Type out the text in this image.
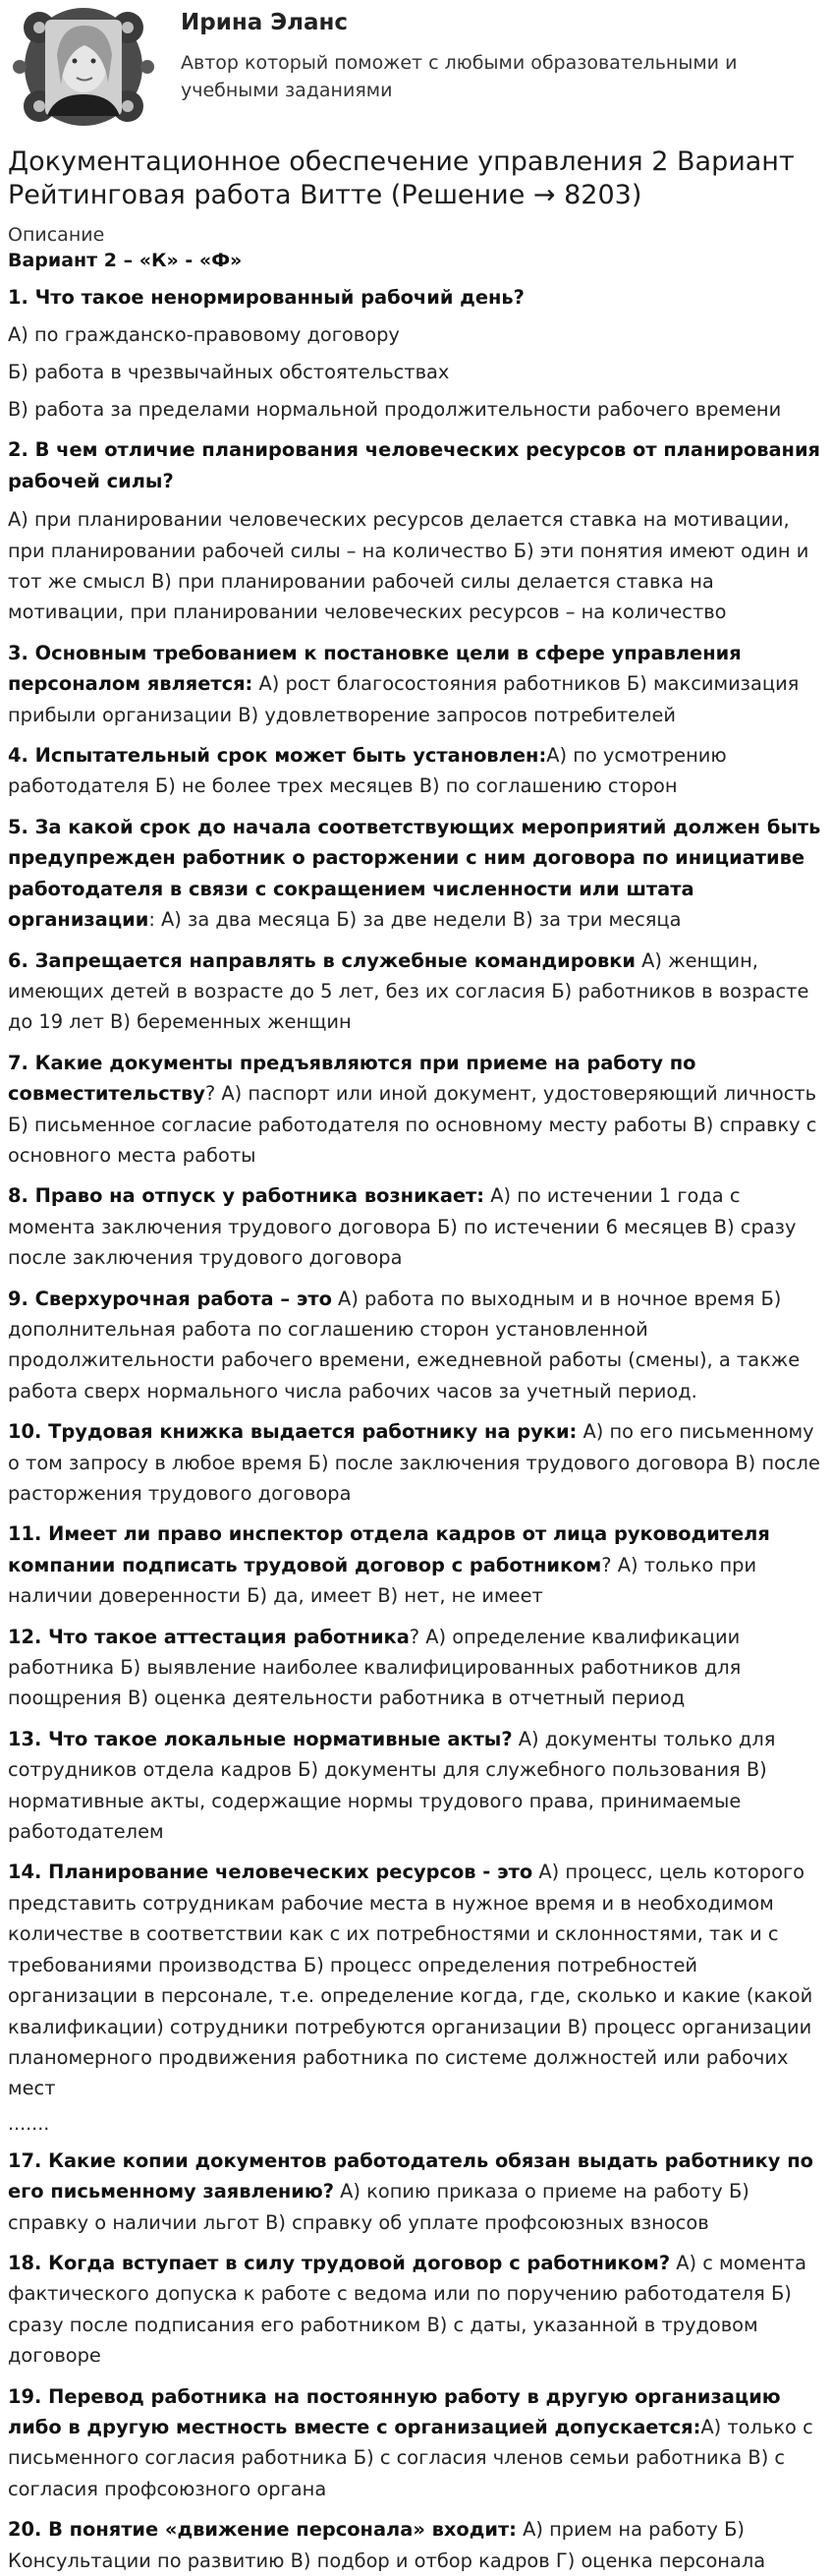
Ирина Эланс
Автор который поможет с любыми образовательными и учебными заданиями
Документационное обеспечение управления 2 Вариант Рейтинговая работа Витте (Решение → 8203)
Описание
Вариант 2 – «К» - «Ф»
1. Что такое ненормированный рабочий день?
А) по гражданско-правовому договору
Б) работа в чрезвычайных обстоятельствах
В) работа за пределами нормальной продолжительности рабочего времени
2. В чем отличие планирования человеческих ресурсов от планирования рабочей силы?
А) при планировании человеческих ресурсов делается ставка на мотивации, при планировании рабочей силы – на количество Б) эти понятия имеют один и тот же смысл В) при планировании рабочей силы делается ставка на мотивации, при планировании человеческих ресурсов – на количество
3. Основным требованием к постановке цели в сфере управления персоналом является: А) рост благосостояния работников Б) максимизация прибыли организации В) удовлетворение запросов потребителей
4. Испытательный срок может быть установлен:А) по усмотрению работодателя Б) не более трех месяцев В) по соглашению сторон
5. За какой срок до начала соответствующих мероприятий должен быть предупрежден работник о расторжении с ним договора по инициативе работодателя в связи с сокращением численности или штата организации: А) за два месяца Б) за две недели В) за три месяца
6. Запрещается направлять в служебные командировки А) женщин, имеющих детей в возрасте до 5 лет, без их согласия Б) работников в возрасте до 19 лет В) беременных женщин
7. Какие документы предъявляются при приеме на работу по совместительству? А) паспорт или иной документ, удостоверяющий личность Б) письменное согласие работодателя по основному месту работы В) справку с основного места работы
8. Право на отпуск у работника возникает: А) по истечении 1 года с момента заключения трудового договора Б) по истечении 6 месяцев В) сразу после заключения трудового договора
9. Сверхурочная работа – это А) работа по выходным и в ночное время Б) дополнительная работа по соглашению сторон установленной продолжительности рабочего времени, ежедневной работы (смены), а также работа сверх нормального числа рабочих часов за учетный период.
10. Трудовая книжка выдается работнику на руки: А) по его письменному о том запросу в любое время Б) после заключения трудового договора В) после расторжения трудового договора
11. Имеет ли право инспектор отдела кадров от лица руководителя компании подписать трудовой договор с работником? А) только при наличии доверенности Б) да, имеет В) нет, не имеет
12. Что такое аттестация работника? А) определение квалификации работника Б) выявление наиболее квалифицированных работников для поощрения В) оценка деятельности работника в отчетный период
13. Что такое локальные нормативные акты? А) документы только для сотрудников отдела кадров Б) документы для служебного пользования В) нормативные акты, содержащие нормы трудового права, принимаемые работодателем
14. Планирование человеческих ресурсов - это А) процесс, цель которого представить сотрудникам рабочие места в нужное время и в необходимом количестве в соответствии как с их потребностями и склонностями, так и с требованиями производства Б) процесс определения потребностей организации в персонале, т.е. определение когда, где, сколько и какие (какой квалификации) сотрудники потребуются организации В) процесс организации планомерного продвижения работника по системе должностей или рабочих мест
.......
17. Какие копии документов работодатель обязан выдать работнику по его письменному заявлению? А) копию приказа о приеме на работу Б) справку о наличии льгот В) справку об уплате профсоюзных взносов
18. Когда вступает в силу трудовой договор с работником? А) с момента фактического допуска к работе с ведома или по поручению работодателя Б) сразу после подписания его работником В) с даты, указанной в трудовом договоре
19. Перевод работника на постоянную работу в другую организацию либо в другую местность вместе с организацией допускается:А) только с письменного согласия работника Б) с согласия членов семьи работника В) с согласия профсоюзного органа
20. В понятие «движение персонала» входит: А) прием на работу Б) Консультации по развитию В) подбор и отбор кадров Г) оценка персонала
